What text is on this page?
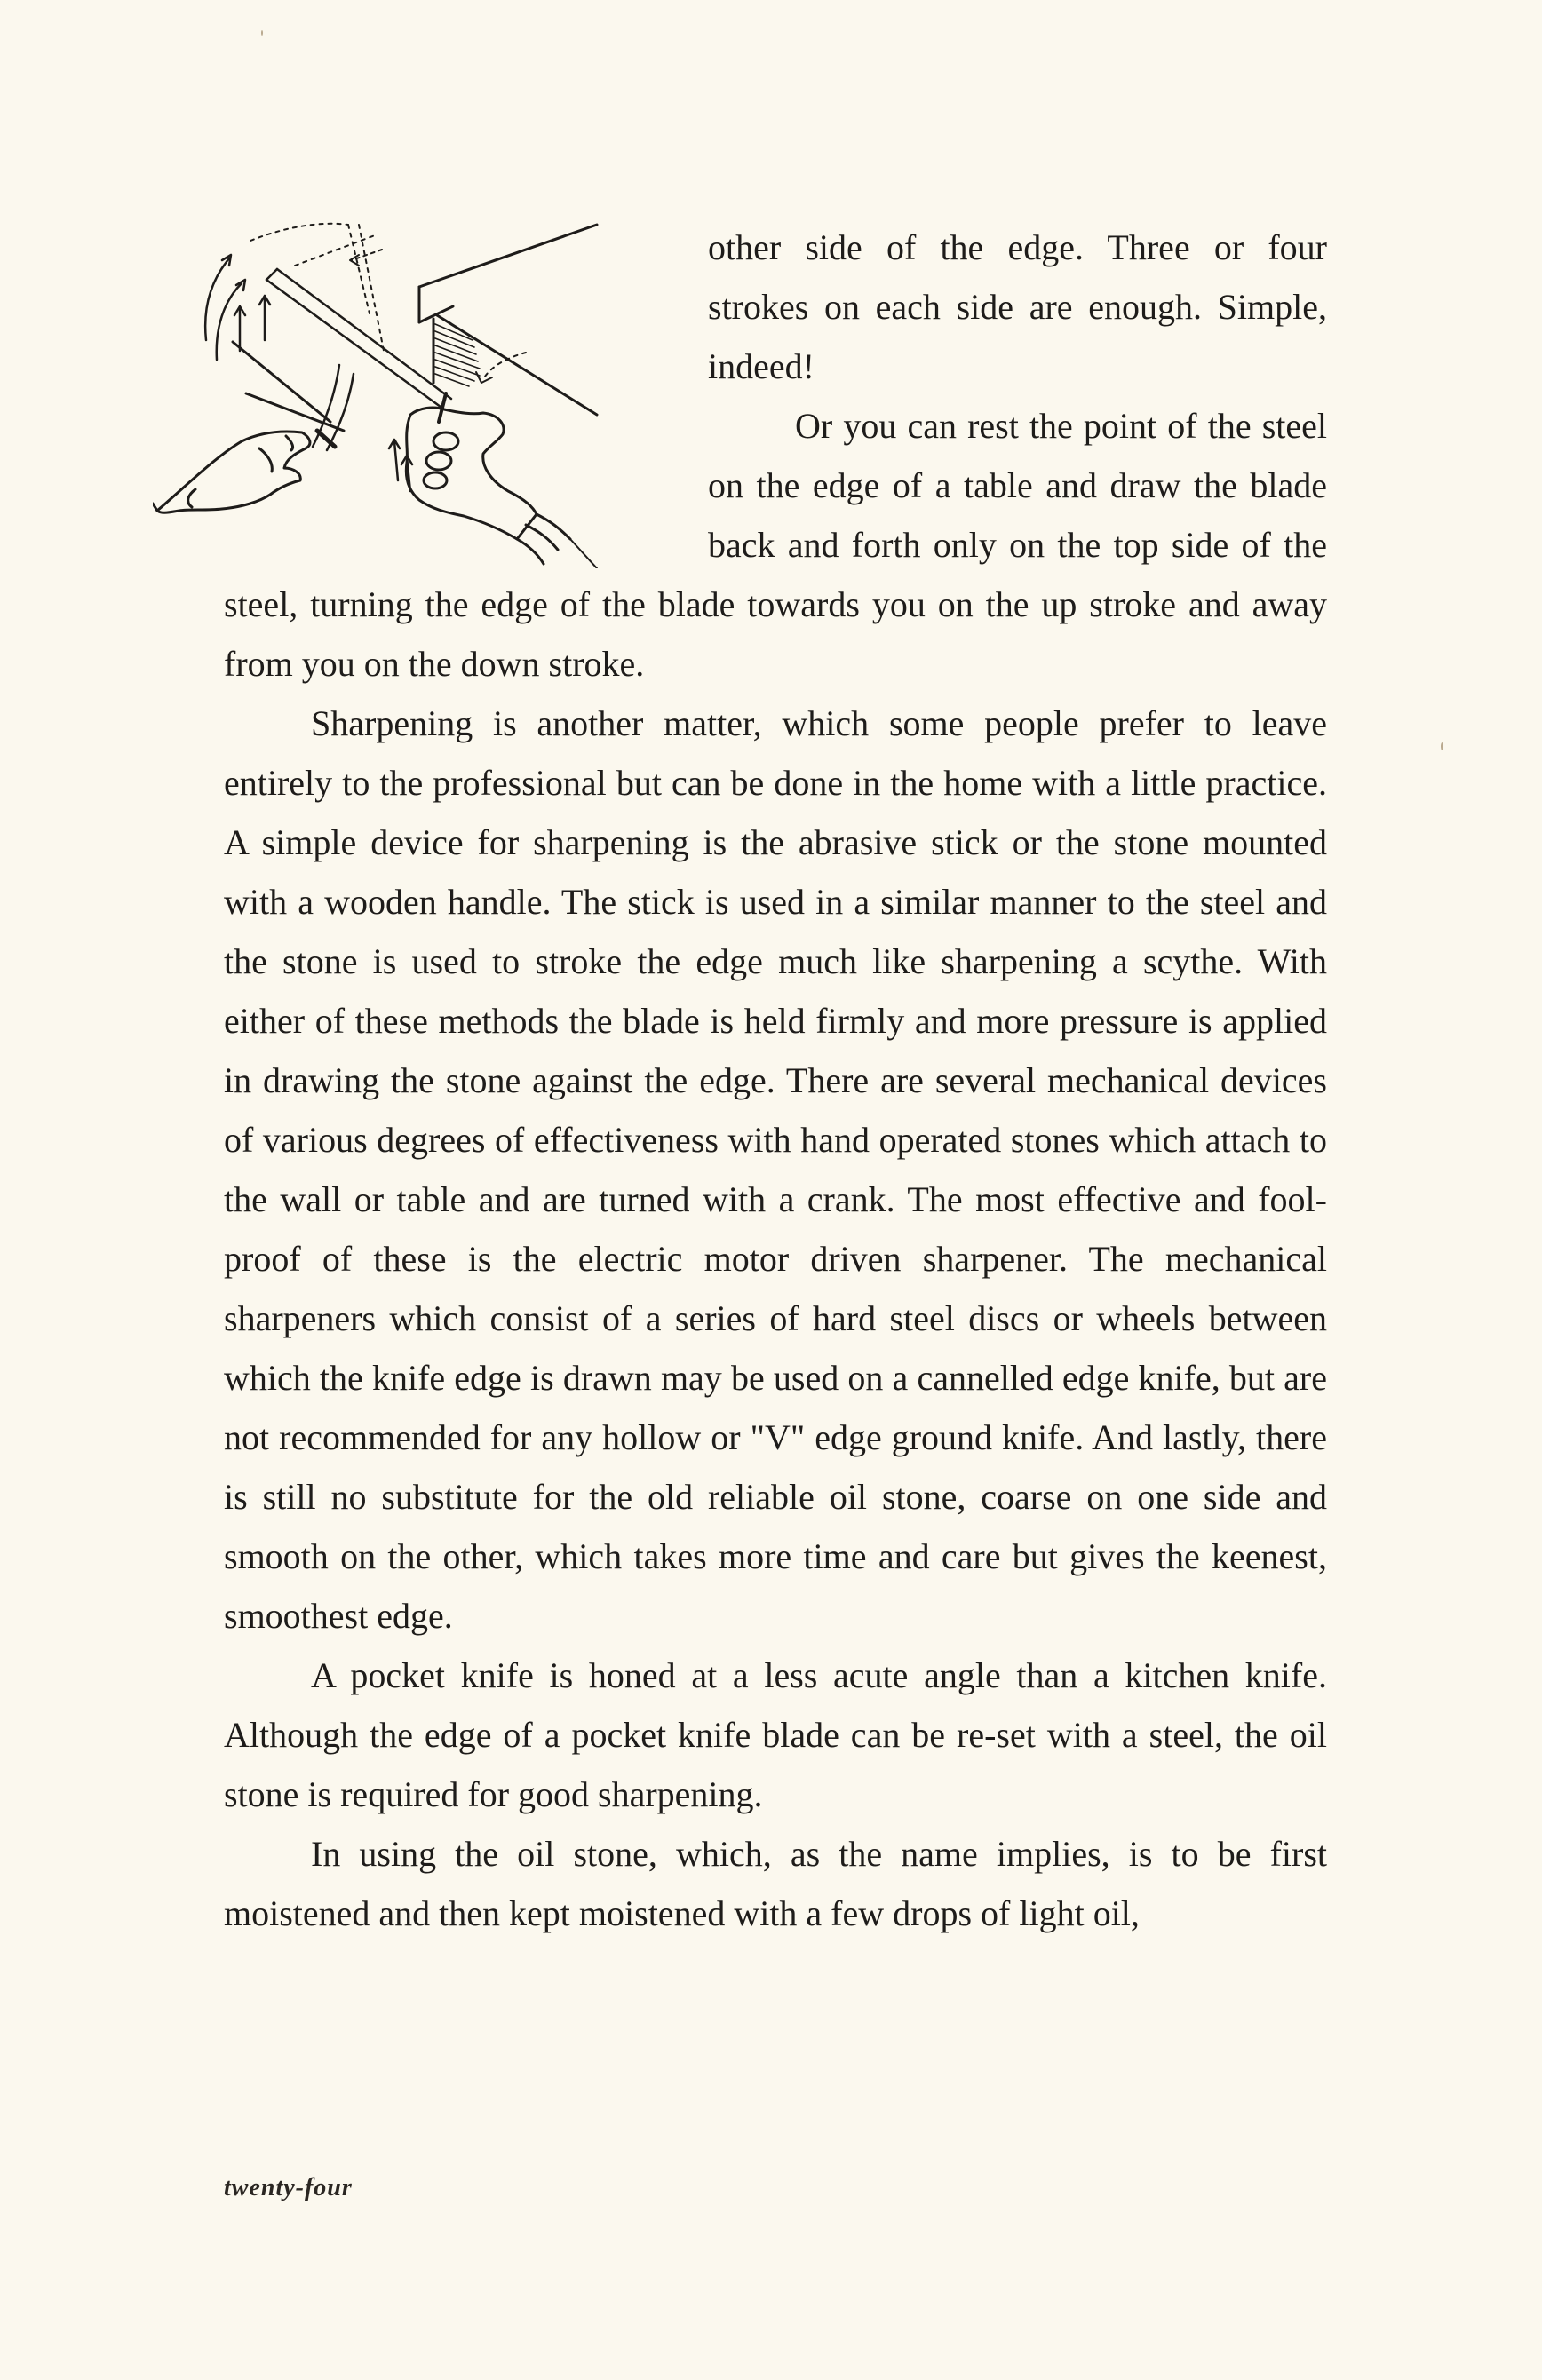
other side of the edge. Three or four strokes on each side are enough. Simple, indeed!

Or you can rest the point of the steel on the edge of a table and draw the blade back and forth only on the top side of the steel, turning the edge of the blade towards you on the up stroke and away from you on the down stroke.

Sharpening is another matter, which some people prefer to leave entirely to the professional but can be done in the home with a little practice. A simple device for sharpening is the abrasive stick or the stone mounted with a wooden handle. The stick is used in a similar manner to the steel and the stone is used to stroke the edge much like sharpening a scythe. With either of these methods the blade is held firmly and more pressure is applied in drawing the stone against the edge. There are several mechanical devices of various degrees of effectiveness with hand operated stones which attach to the wall or table and are turned with a crank. The most effective and fool-proof of these is the electric motor driven sharpener. The mechanical sharpeners which consist of a series of hard steel discs or wheels between which the knife edge is drawn may be used on a cannelled edge knife, but are not recommended for any hollow or "V" edge ground knife. And lastly, there is still no substitute for the old reliable oil stone, coarse on one side and smooth on the other, which takes more time and care but gives the keenest, smoothest edge.

A pocket knife is honed at a less acute angle than a kitchen knife. Although the edge of a pocket knife blade can be re-set with a steel, the oil stone is required for good sharpening.

In using the oil stone, which, as the name implies, is to be first moistened and then kept moistened with a few drops of light oil,

twenty-four
